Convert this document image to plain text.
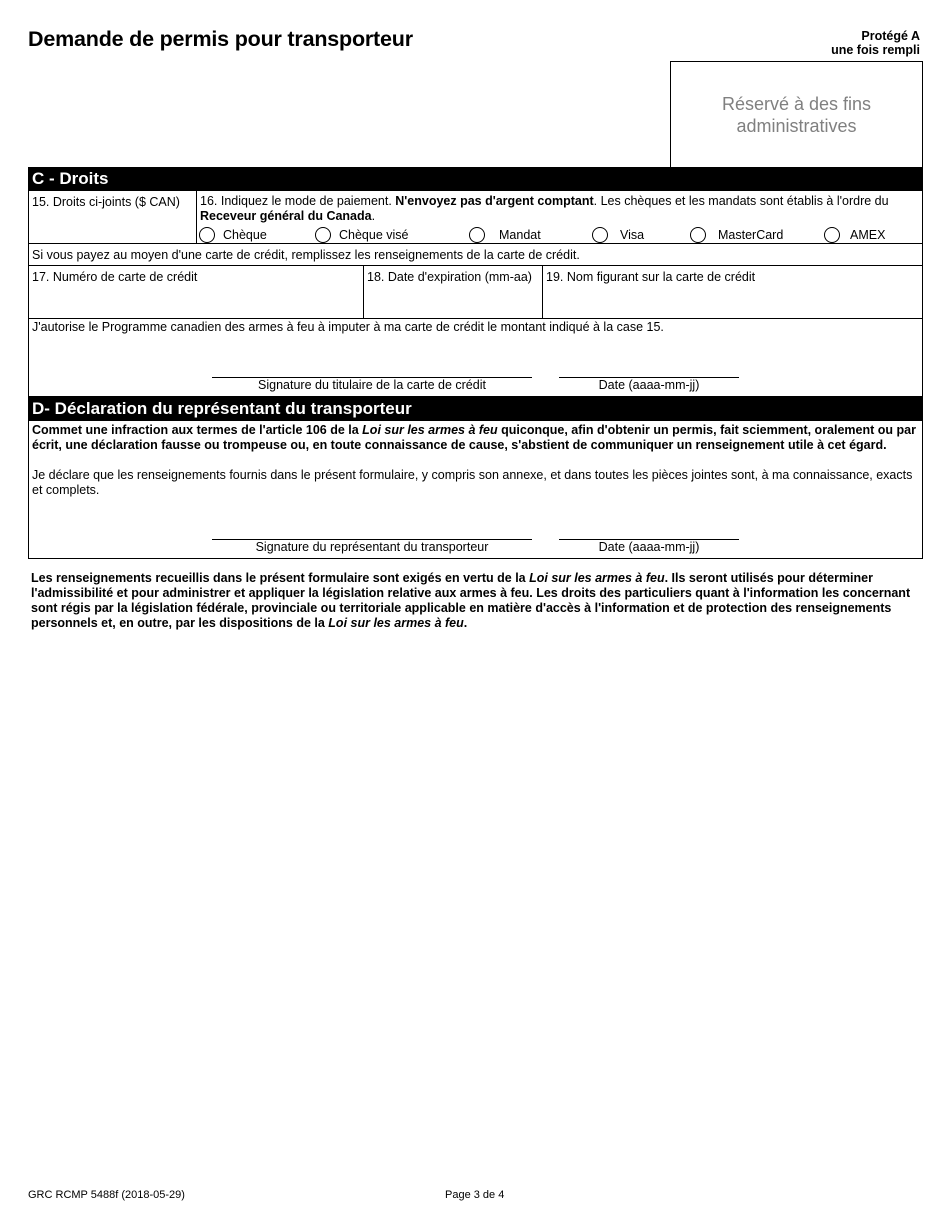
Demande de permis pour transporteur	Protégé A
une fois rempli
Réservé à des fins administratives
C - Droits
15. Droits ci-joints ($ CAN) 16. Indiquez le mode de paiement. N'envoyez pas d'argent comptant. Les chèques et les mandats sont établis à l'ordre du Receveur général du Canada.
Chèque	Chèque visé	Mandat	Visa	MasterCard	AMEX
Si vous payez au moyen d'une carte de crédit, remplissez les renseignements de la carte de crédit.
17. Numéro de carte de crédit	18. Date d'expiration (mm-aa) 19. Nom figurant sur la carte de crédit
J'autorise le Programme canadien des armes à feu à imputer à ma carte de crédit le montant indiqué à la case 15.
Signature du titulaire de la carte de crédit	Date (aaaa-mm-jj)
D- Déclaration du représentant du transporteur
Commet une infraction aux termes de l'article 106 de la Loi sur les armes à feu quiconque, afin d'obtenir un permis, fait sciemment, oralement ou par écrit, une déclaration fausse ou trompeuse ou, en toute connaissance de cause, s'abstient de communiquer un renseignement utile à cet égard.
Je déclare que les renseignements fournis dans le présent formulaire, y compris son annexe, et dans toutes les pièces jointes sont, à ma connaissance, exacts et complets.
Signature du représentant du transporteur	Date (aaaa-mm-jj)
Les renseignements recueillis dans le présent formulaire sont exigés en vertu de la Loi sur les armes à feu. Ils seront utilisés pour déterminer l'admissibilité et pour administrer et appliquer la législation relative aux armes à feu. Les droits des particuliers quant à l'information les concernant sont régis par la législation fédérale, provinciale ou territoriale applicable en matière d'accès à l'information et de protection des renseignements personnels et, en outre, par les dispositions de la Loi sur les armes à feu.
GRC RCMP 5488f (2018-05-29)	Page 3 de 4
